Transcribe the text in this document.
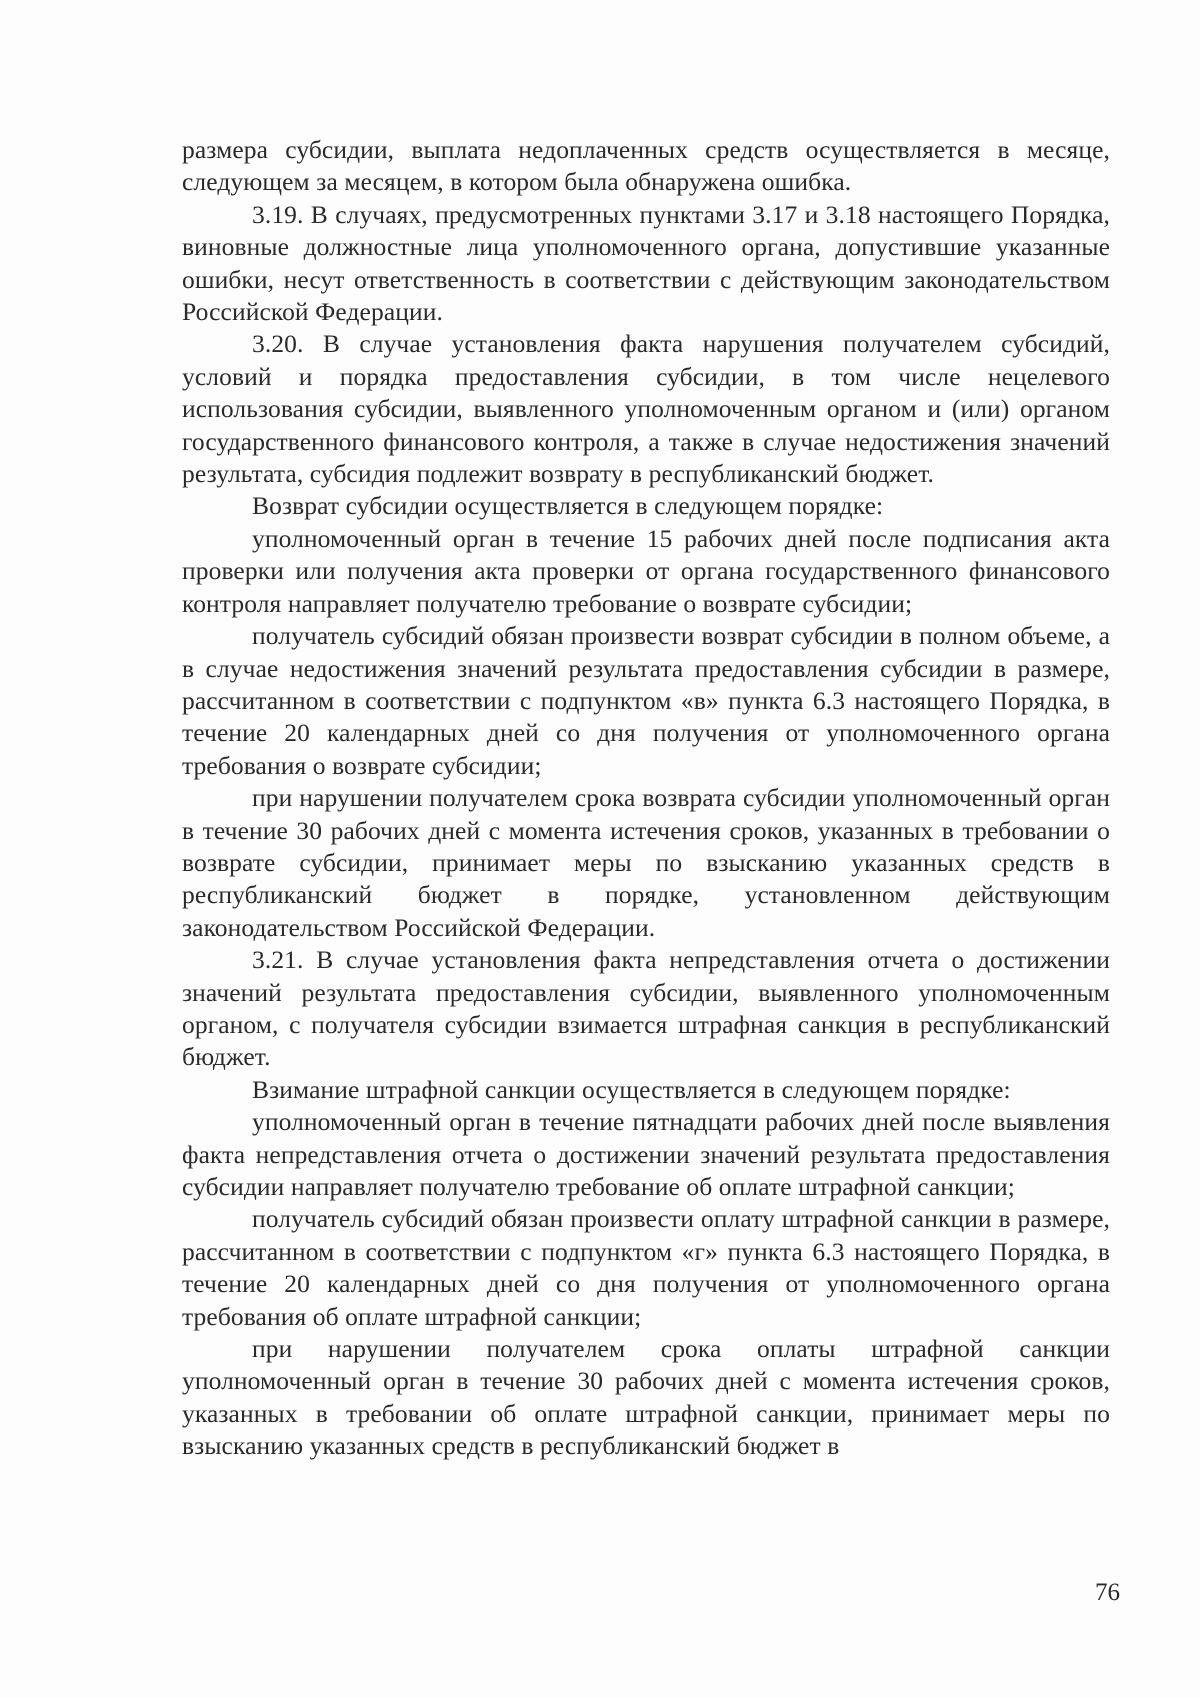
размера субсидии, выплата недоплаченных средств осуществляется в месяце, следующем за месяцем, в котором была обнаружена ошибка.

3.19. В случаях, предусмотренных пунктами 3.17 и 3.18 настоящего Порядка, виновные должностные лица уполномоченного органа, допустившие указанные ошибки, несут ответственность в соответствии с действующим законодательством Российской Федерации.

3.20. В случае установления факта нарушения получателем субсидий, условий и порядка предоставления субсидии, в том числе нецелевого использования субсидии, выявленного уполномоченным органом и (или) органом государственного финансового контроля, а также в случае недостижения значений результата, субсидия подлежит возврату в республиканский бюджет.

Возврат субсидии осуществляется в следующем порядке:

уполномоченный орган в течение 15 рабочих дней после подписания акта проверки или получения акта проверки от органа государственного финансового контроля направляет получателю требование о возврате субсидии;

получатель субсидий обязан произвести возврат субсидии в полном объеме, а в случае недостижения значений результата предоставления субсидии в размере, рассчитанном в соответствии с подпунктом «в» пункта 6.3 настоящего Порядка, в течение 20 календарных дней со дня получения от уполномоченного органа требования о возврате субсидии;

при нарушении получателем срока возврата субсидии уполномоченный орган в течение 30 рабочих дней с момента истечения сроков, указанных в требовании о возврате субсидии, принимает меры по взысканию указанных средств в республиканский бюджет в порядке, установленном действующим законодательством Российской Федерации.

3.21. В случае установления факта непредставления отчета о достижении значений результата предоставления субсидии, выявленного уполномоченным органом, с получателя субсидии взимается штрафная санкция в республиканский бюджет.

Взимание штрафной санкции осуществляется в следующем порядке:

уполномоченный орган в течение пятнадцати рабочих дней после выявления факта непредставления отчета о достижении значений результата предоставления субсидии направляет получателю требование об оплате штрафной санкции;

получатель субсидий обязан произвести оплату штрафной санкции в размере, рассчитанном в соответствии с подпунктом «г» пункта 6.3 настоящего Порядка, в течение 20 календарных дней со дня получения от уполномоченного органа требования об оплате штрафной санкции;

при нарушении получателем срока оплаты штрафной санкции уполномоченный орган в течение 30 рабочих дней с момента истечения сроков, указанных в требовании об оплате штрафной санкции, принимает меры по взысканию указанных средств в республиканский бюджет в

76
